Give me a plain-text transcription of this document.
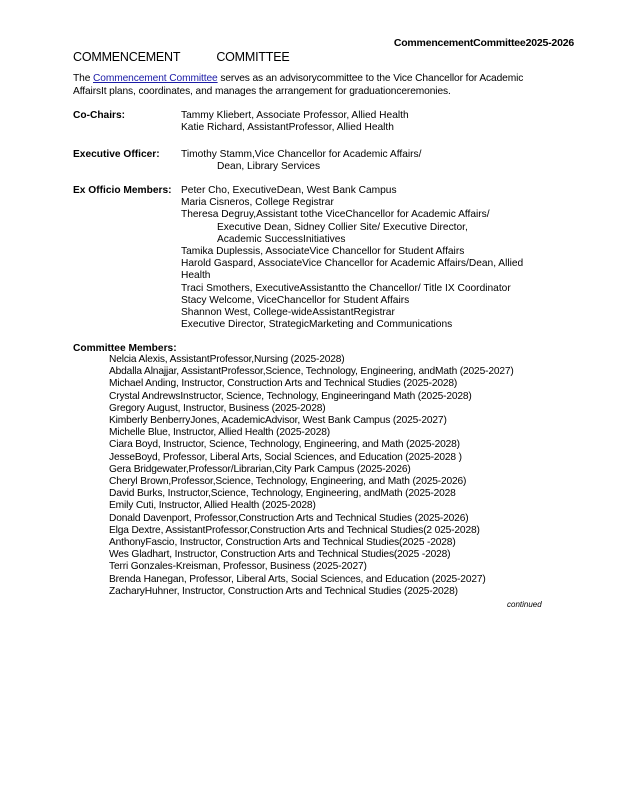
CommencementCommittee2025-2026
COMMENCEMENT	COMMITTEE
The Commencement Committee serves as an advisorycommittee to the Vice Chancellor for Academic
AffairsIt plans, coordinates, and manages the arrangement for graduationceremonies.
Co-Chairs:	Tammy Kliebert, Associate Professor, Allied Health
Katie Richard, AssistantProfessor, Allied Health
Executive Officer: Timothy Stamm,Vice Chancellor for Academic Affairs/
Dean, Library Services
Ex Officio Members: Peter Cho, ExecutiveDean, West Bank Campus
Maria Cisneros, College Registrar
Theresa Degruy,Assistant tothe ViceChancellor for Academic Affairs/
Executive Dean, Sidney Collier Site/ Executive Director,
Academic SuccessInitiatives
Tamika Duplessis, AssociateVice Chancellor for Student Affairs
Harold Gaspard, AssociateVice Chancellor for Academic Affairs/Dean, Allied
Health
Traci Smothers, ExecutiveAssistantto the Chancellor/ Title IX Coordinator
Stacy Welcome, ViceChancellor for Student Affairs
Shannon West, College-wideAssistantRegistrar
Executive Director, StrategicMarketing and Communications
Committee Members:
Nelcia Alexis, AssistantProfessor,Nursing (2025-2028)
Abdalla Alnajjar, AssistantProfessor,Science, Technology, Engineering, andMath (2025-2027)
Michael Anding, Instructor, Construction Arts and Technical Studies (2025-2028)
Crystal AndrewsInstructor, Science, Technology, Engineeringand Math (2025-2028)
Gregory August, Instructor, Business (2025-2028)
Kimberly BenberryJones, AcademicAdvisor, West Bank Campus (2025-2027)
Michelle Blue, Instructor, Allied Health (2025-2028)
Ciara Boyd, Instructor, Science, Technology, Engineering, and Math (2025-2028)
JesseBoyd, Professor, Liberal Arts, Social Sciences, and Education (2025-2028 )
Gera Bridgewater,Professor/Librarian,City Park Campus (2025-2026)
Cheryl Brown,Professor,Science, Technology, Engineering, and Math (2025-2026)
David Burks, Instructor,Science, Technology, Engineering, andMath (2025-2028
Emily Cuti, Instructor, Allied Health (2025-2028)
Donald Davenport, Professor,Construction Arts and Technical Studies (2025-2026)
Elga Dextre, AssistantProfessor,Construction Arts and Technical Studies(2 025-2028)
AnthonyFascio, Instructor, Construction Arts and Technical Studies(2025 -2028)
Wes Gladhart, Instructor, Construction Arts and Technical Studies(2025 -2028)
Terri Gonzales-Kreisman, Professor, Business (2025-2027)
Brenda Hanegan, Professor, Liberal Arts, Social Sciences, and Education (2025-2027)
ZacharyHuhner, Instructor, Construction Arts and Technical Studies (2025-2028)
continued
